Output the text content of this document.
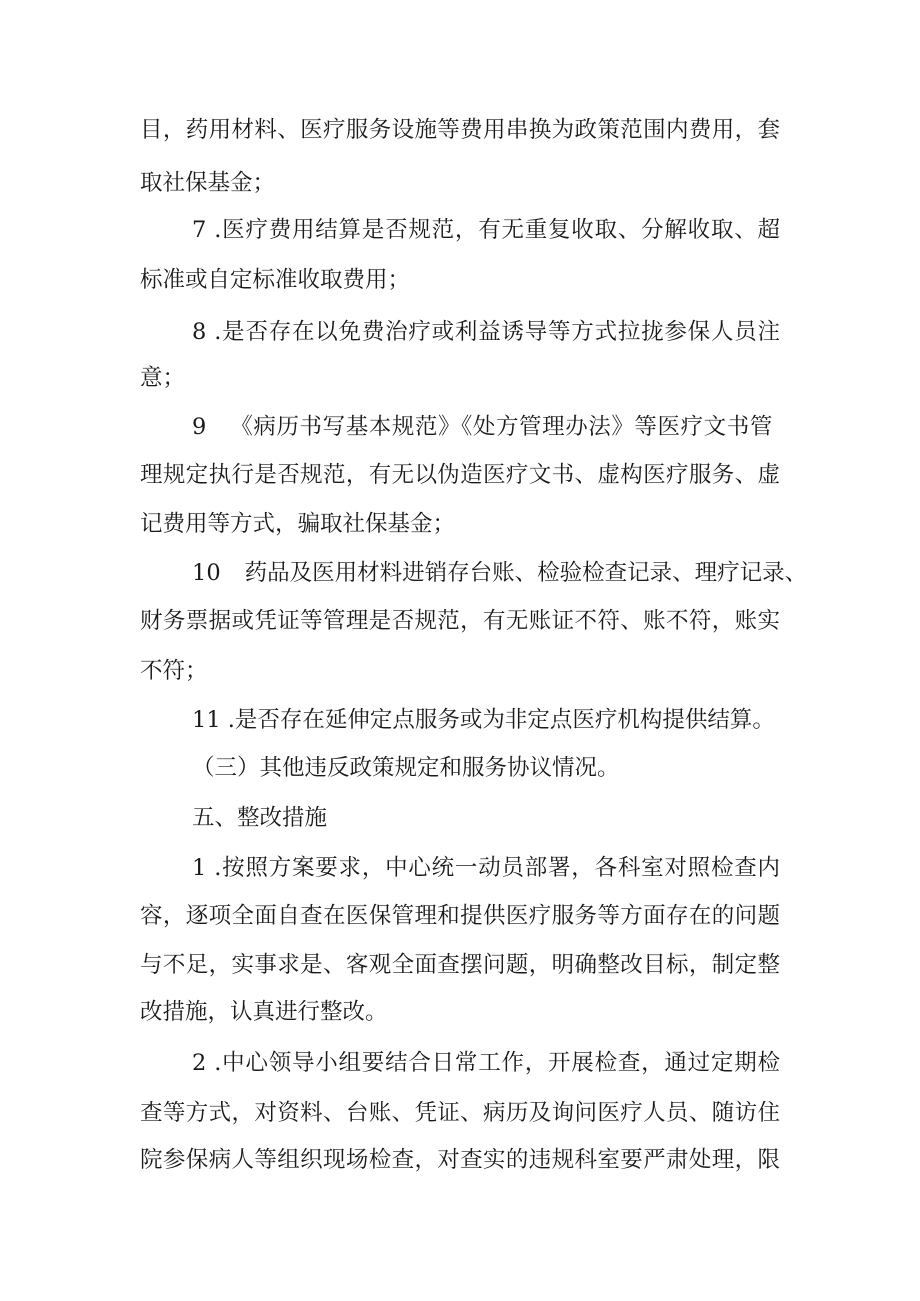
目，药用材料、医疗服务设施等费用串换为政策范围内费用，套
取社保基金；
7 .医疗费用结算是否规范，有无重复收取、分解收取、超
标准或自定标准收取费用；
8 .是否存在以免费治疗或利益诱导等方式拉拢参保人员注
意；
9 《病历书写基本规范》《处方管理办法》等医疗文书管
理规定执行是否规范，有无以伪造医疗文书、虚构医疗服务、虚
记费用等方式，骗取社保基金；
10 药品及医用材料进销存台账、检验检查记录、理疗记录、
财务票据或凭证等管理是否规范，有无账证不符、账不符，账实
不符；
11 .是否存在延伸定点服务或为非定点医疗机构提供结算。
（三）其他违反政策规定和服务协议情况。
五、整改措施
1 .按照方案要求，中心统一动员部署，各科室对照检查内
容，逐项全面自查在医保管理和提供医疗服务等方面存在的问题
与不足，实事求是、客观全面查摆问题，明确整改目标，制定整
改措施，认真进行整改。
2 .中心领导小组要结合日常工作，开展检查，通过定期检
查等方式，对资料、台账、凭证、病历及询问医疗人员、随访住
院参保病人等组织现场检查，对查实的违规科室要严肃处理，限
